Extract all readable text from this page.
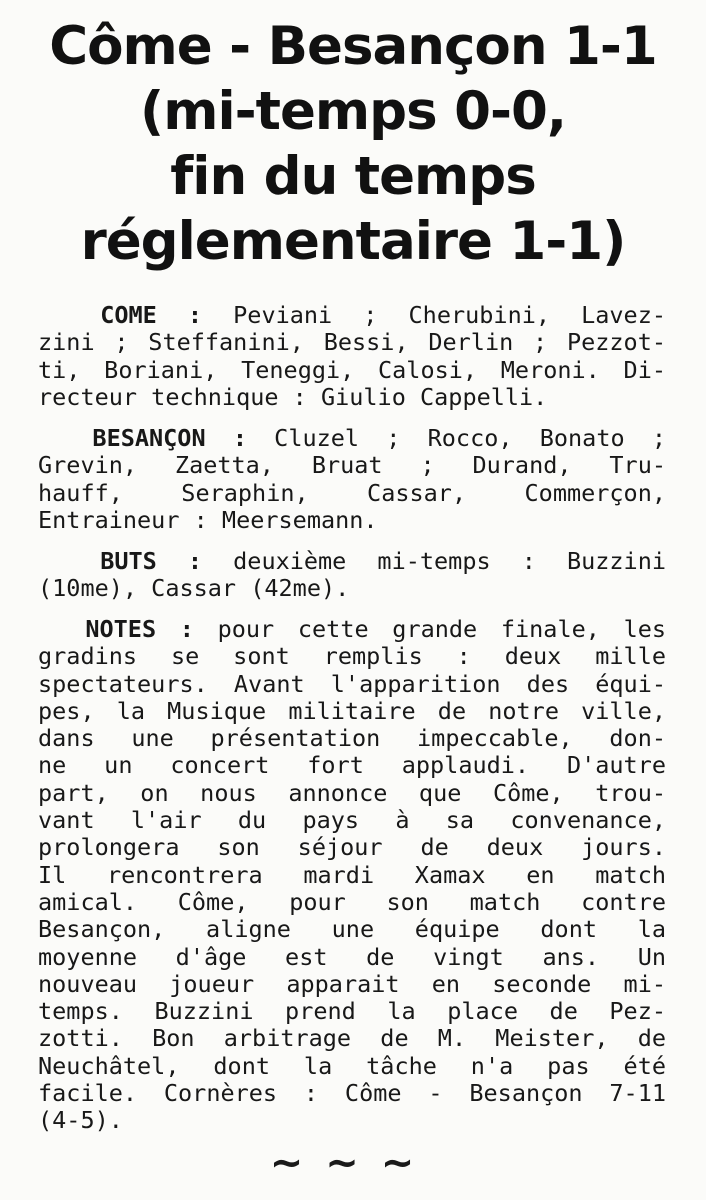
Côme - Besançon 1-1
(mi-temps 0-0,
fin du temps
réglementaire 1-1)
COME : Peviani ; Cherubini, Lavez-
zini ; Steffanini, Bessi, Derlin ; Pezzot-
ti, Boriani, Teneggi, Calosi, Meroni. Di-
recteur technique : Giulio Cappelli.
BESANÇON : Cluzel ; Rocco, Bonato ;
Grevin, Zaetta, Bruat ; Durand, Tru-
hauff, Seraphin, Cassar, Commerçon,
Entraineur : Meersemann.
BUTS : deuxième mi-temps : Buzzini
(10me), Cassar (42me).
NOTES : pour cette grande finale, les
gradins se sont remplis : deux mille
spectateurs. Avant l'apparition des équi-
pes, la Musique militaire de notre ville,
dans une présentation impeccable, don-
ne un concert fort applaudi. D'autre
part, on nous annonce que Côme, trou-
vant l'air du pays à sa convenance,
prolongera son séjour de deux jours.
Il rencontrera mardi Xamax en match
amical. Côme, pour son match contre
Besançon, aligne une équipe dont la
moyenne d'âge est de vingt ans. Un
nouveau joueur apparait en seconde mi-
temps. Buzzini prend la place de Pez-
zotti. Bon arbitrage de M. Meister, de
Neuchâtel, dont la tâche n'a pas été
facile. Cornères : Côme - Besançon 7-11
(4-5).
~~~
